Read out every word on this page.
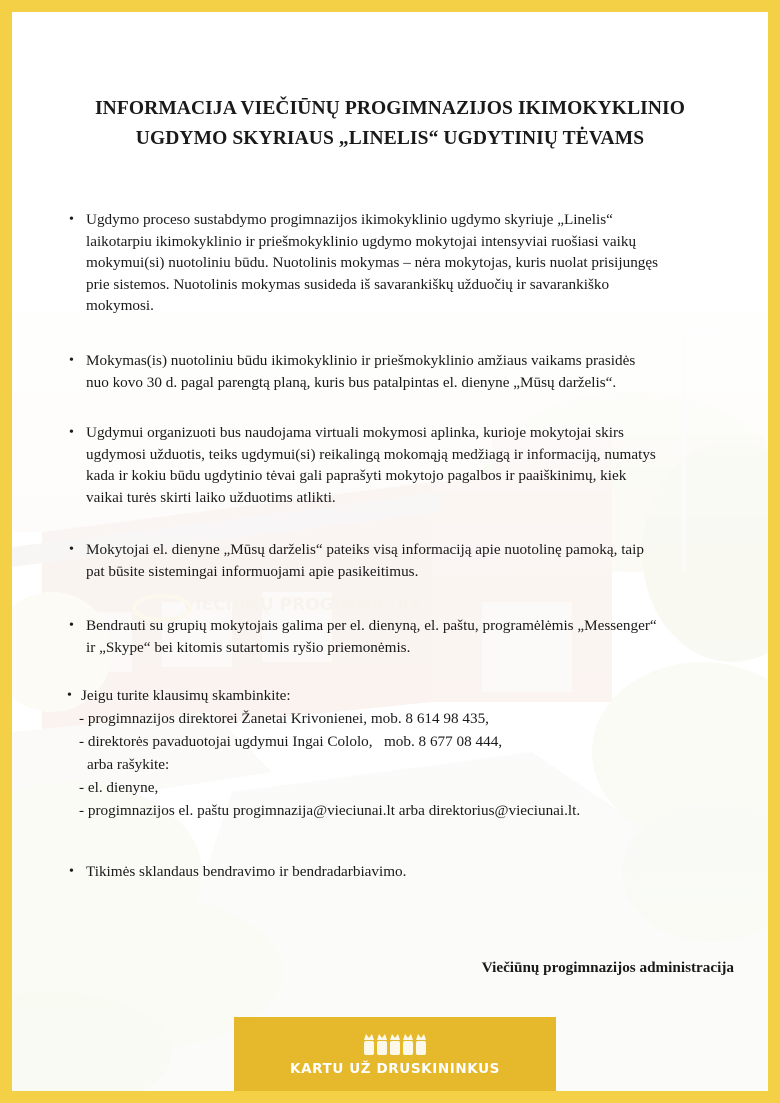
INFORMACIJA VIEČIŪNŲ PROGIMNAZIJOS IKIMOKYKLINIO
UGDYMO SKYRIAUS „LINELIS“ UGDYTINIŲ TĖVAMS
• Ugdymo proceso sustabdymo progimnazijos ikimokyklinio ugdymo skyriuje „Linelis“
laikotarpiu ikimokyklinio ir priešmokyklinio ugdymo mokytojai intensyviai ruošiasi vaikų
mokymui(si) nuotoliniu būdu. Nuotolinis mokymas – nėra mokytojas, kuris nuolat prisijungęs
prie sistemos. Nuotolinis mokymas susideda iš savarankiškų užduočių ir savarankiško
mokymosi.
• Mokymas(is) nuotoliniu būdu ikimokyklinio ir priešmokyklinio amžiaus vaikams prasidės
nuo kovo 30 d. pagal parengtą planą, kuris bus patalpintas el. dienyne „Mūsų darželis“.
• Ugdymui organizuoti bus naudojama virtuali mokymosi aplinka, kurioje mokytojai skirs
ugdymosi užduotis, teiks ugdymui(si) reikalingą mokomąją medžiagą ir informaciją, numatys
kada ir kokiu būdu ugdytinio tėvai gali paprašyti mokytojo pagalbos ir paaiškinimų, kiek
vaikai turės skirti laiko užduotims atlikti.
• Mokytojai el. dienyne „Mūsų darželis“ pateiks visą informaciją apie nuotolinę pamoką, taip
pat būsite sistemingai informuojami apie pasikeitimus.
• Bendrauti su grupių mokytojais galima per el. dienyną, el. paštu, programėlėmis „Messenger“
ir „Skype“ bei kitomis sutartomis ryšio priemonėmis.
• Jeigu turite klausimų skambinkite:
- progimnazijos direktorei Žanetai Krivonienei, mob. 8 614 98 435,
- direktorės pavaduotojai ugdymui Ingai Cololo,   mob. 8 677 08 444,
arba rašykite:
- el. dienyne,
- progimnazijos el. paštu progimnazija@vieciunai.lt arba direktorius@vieciunai.lt.
• Tikimės sklandaus bendravimo ir bendradarbiavimo.
Viečiūnų progimnazijos administracija
KARTU UŽ DRUSKININKUS
